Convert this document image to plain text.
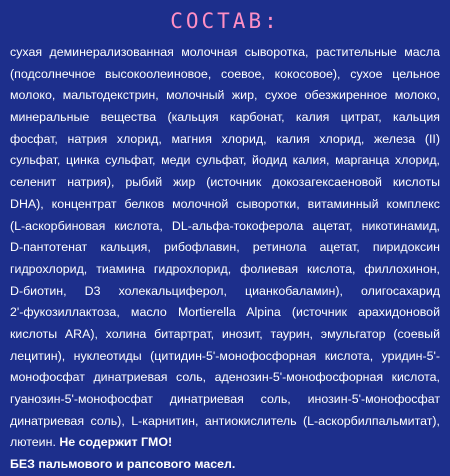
СОСТАВ:
сухая деминерализованная молочная сыворотка, растительные масла
(подсолнечное высокоолеиновое, соевое, кокосовое), сухое цельное
молоко, мальтодекстрин, молочный жир, сухое обезжиренное молоко,
минеральные вещества (кальция карбонат, калия цитрат, кальция
фосфат, натрия хлорид, магния хлорид, калия хлорид, железа (II)
сульфат, цинка сульфат, меди сульфат, йодид калия, марганца хлорид,
селенит натрия), рыбий жир (источник докозагексаеновой кислоты
DHA), концентрат белков молочной сыворотки, витаминный комплекс
(L-аскорбиновая кислота, DL-альфа-токоферола ацетат, никотинамид,
D-пантотенат кальция, рибофлавин, ретинола ацетат, пиридоксин
гидрохлорид, тиамина гидрохлорид, фолиевая кислота, филлохинон,
D-биотин, D3 холекальциферол, цианкобаламин), олигосахарид
2'-фукозиллактоза, масло Mortierella Alpina (источник арахидоновой
кислоты ARA), холина битартрат, инозит, таурин, эмульгатор (соевый
лецитин), нуклеотиды (цитидин-5'-монофосфорная кислота, уридин-5'-
монофосфат динатриевая соль, аденозин-5'-монофосфорная кислота,
гуанозин-5'-монофосфат динатриевая соль, инозин-5'-монофосфат
динатриевая соль), L-карнитин, антиокислитель (L-аскорбилпальмитат),
лютеин. Не содержит ГМО!
БЕЗ пальмового и рапсового масел.
